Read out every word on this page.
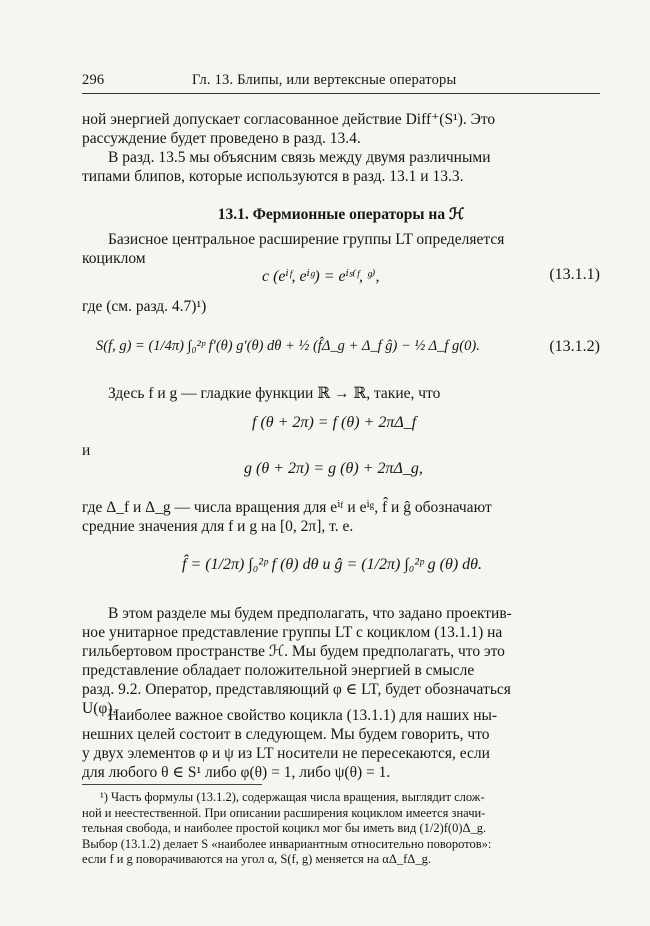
296	Гл. 13. Блипы, или вертексные операторы

ной энергией допускает согласованное действие Diff⁺(S¹). Это
рассуждение будет проведено в разд. 13.4.

В разд. 13.5 мы объясним связь между двумя различными
типами блипов, которые используются в разд. 13.1 и 13.3.

13.1. Фермионные операторы на ℋ

Базисное центральное расширение группы LT определяется
коциклом

c (eⁱᶠ, eⁱᵍ) = eⁱˢ⁽ᶠ, ᵍ⁾,	(13.1.1)
где (см. разд. 4.7)¹)
S(f, g) = (1/4π) ∫₀²ᵖ f′(θ) g′(θ) dθ + ½ (f̂Δ_g + Δ_f ĝ) − ½ Δ_f g(0).	(13.1.2)

Здесь f и g — гладкие функции ℝ → ℝ, такие, что

f (θ + 2π) = f (θ) + 2πΔ_f
и
g (θ + 2π) = g (θ) + 2πΔ_g,

где Δ_f и Δ_g — числа вращения для eⁱᶠ и eⁱᵍ, f̂ и ĝ обозначают
средние значения для f и g на [0, 2π], т. е.

f̂ = (1/2π) ∫₀²ᵖ f (θ) dθ и ĝ = (1/2π) ∫₀²ᵖ g (θ) dθ.

В этом разделе мы будем предполагать, что задано проектив-
ное унитарное представление группы LT с коциклом (13.1.1) на
гильбертовом пространстве ℋ. Мы будем предполагать, что это
представление обладает положительной энергией в смысле
разд. 9.2. Оператор, представляющий φ ∈ LT, будет обозначаться
U(φ).

Наиболее важное свойство коцикла (13.1.1) для наших ны-
нешних целей состоит в следующем. Мы будем говорить, что
у двух элементов φ и ψ из LT носители не пересекаются, если
для любого θ ∈ S¹ либо φ(θ) = 1, либо ψ(θ) = 1.

¹) Часть формулы (13.1.2), содержащая числа вращения, выглядит слож-
ной и неестественной. При описании расширения коциклом имеется значи-
тельная свобода, и наиболее простой коцикл мог бы иметь вид (1/2)f(0)Δ_g.
Выбор (13.1.2) делает S «наиболее инвариантным относительно поворотов»:
если f и g поворачиваются на угол α, S(f, g) меняется на αΔ_fΔ_g.
